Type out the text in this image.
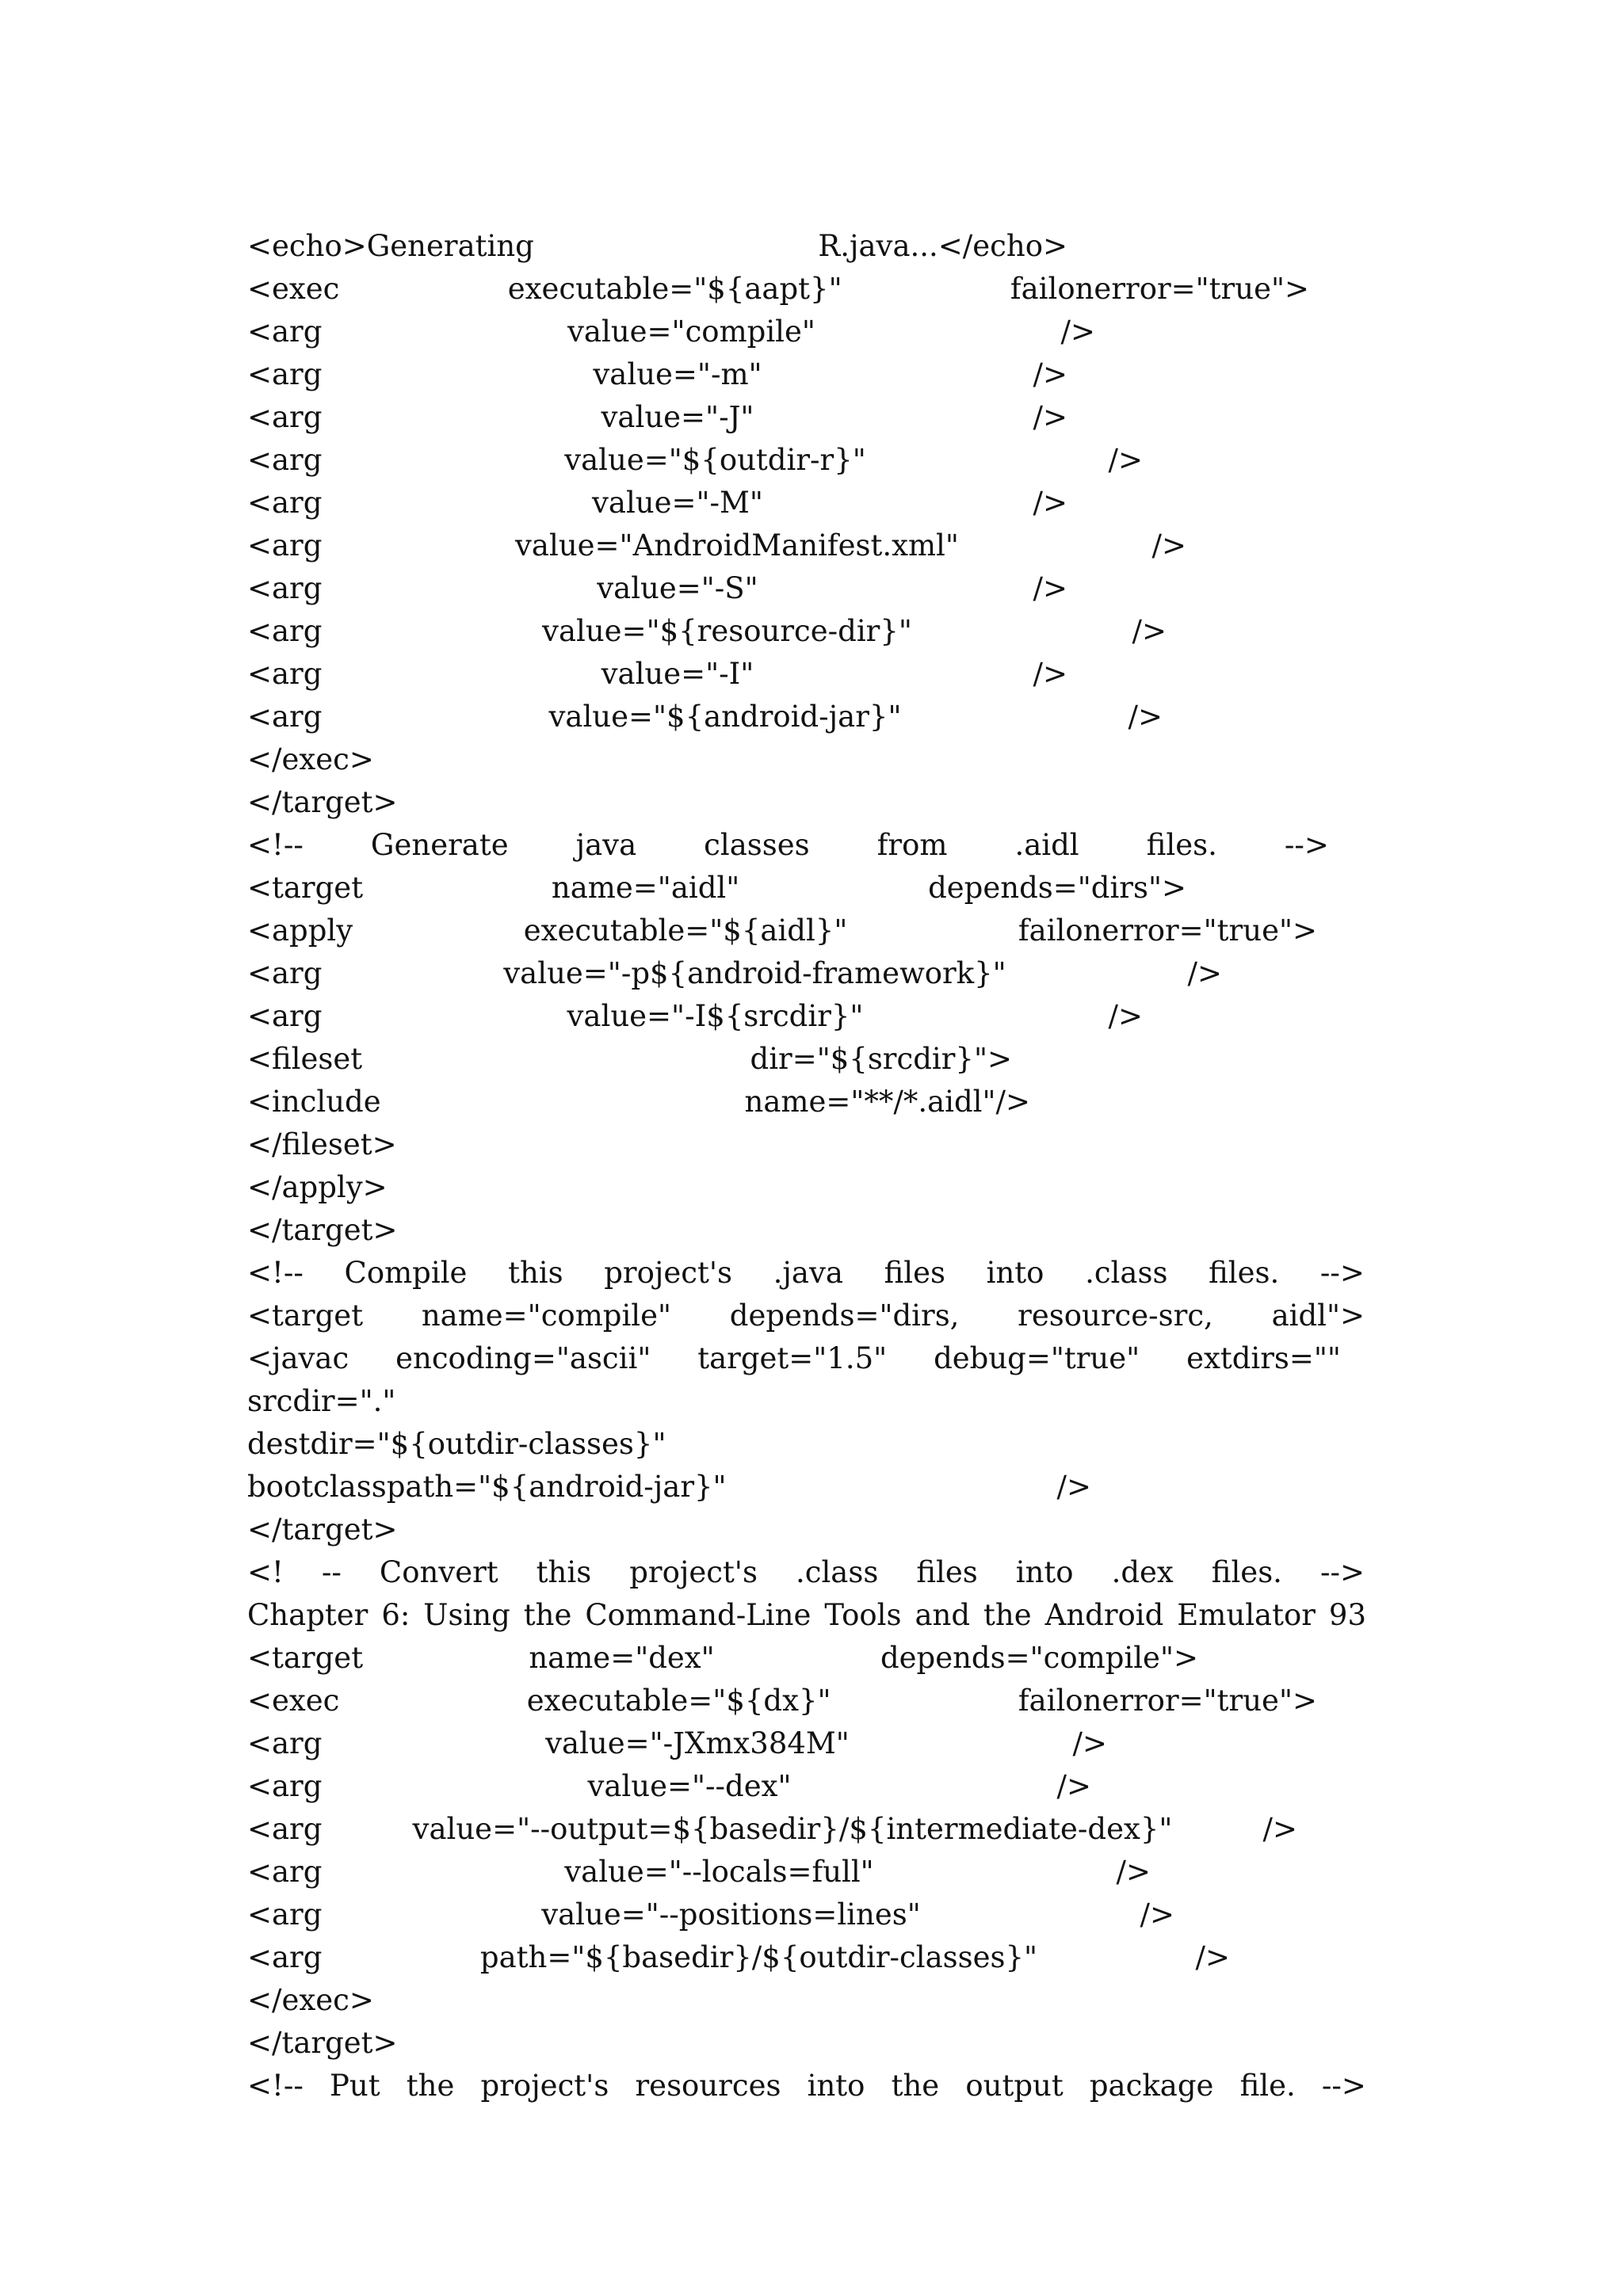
<echo>Generating	R.java...</echo>
<exec	executable="${aapt}"	failonerror="true">
<arg	value="compile"	/>
<arg	value="-m"	/>
<arg	value="-J"	/>
<arg	value="${outdir-r}"	/>
<arg	value="-M"	/>
<arg	value="AndroidManifest.xml"	/>
<arg	value="-S"	/>
<arg	value="${resource-dir}"	/>
<arg	value="-I"	/>
<arg	value="${android-jar}"	/>
</exec>
</target>
<!-- Generate java classes from .aidl files. -->
<target	name="aidl"	depends="dirs">
<apply	executable="${aidl}"	failonerror="true">
<arg	value="-p${android-framework}"	/>
<arg	value="-I${srcdir}"	/>
<fileset	dir="${srcdir}">
<include	name="**/*.aidl"/>
</fileset>
</apply>
</target>
<!-- Compile this project's .java files into .class files. -->
<target name="compile" depends="dirs, resource-src, aidl">
<javac encoding="ascii" target="1.5" debug="true" extdirs=""
srcdir="."
destdir="${outdir-classes}"
bootclasspath="${android-jar}"	/>
</target>
<! -- Convert this project's .class files into .dex files. -->
Chapter 6: Using the Command-Line Tools and the Android Emulator 93
<target	name="dex"	depends="compile">
<exec	executable="${dx}"	failonerror="true">
<arg	value="-JXmx384M"	/>
<arg	value="--dex"	/>
<arg	value="--output=${basedir}/${intermediate-dex}"	/>
<arg	value="--locals=full"	/>
<arg	value="--positions=lines"	/>
<arg	path="${basedir}/${outdir-classes}"	/>
</exec>
</target>
<!-- Put the project's resources into the output package file. -->
